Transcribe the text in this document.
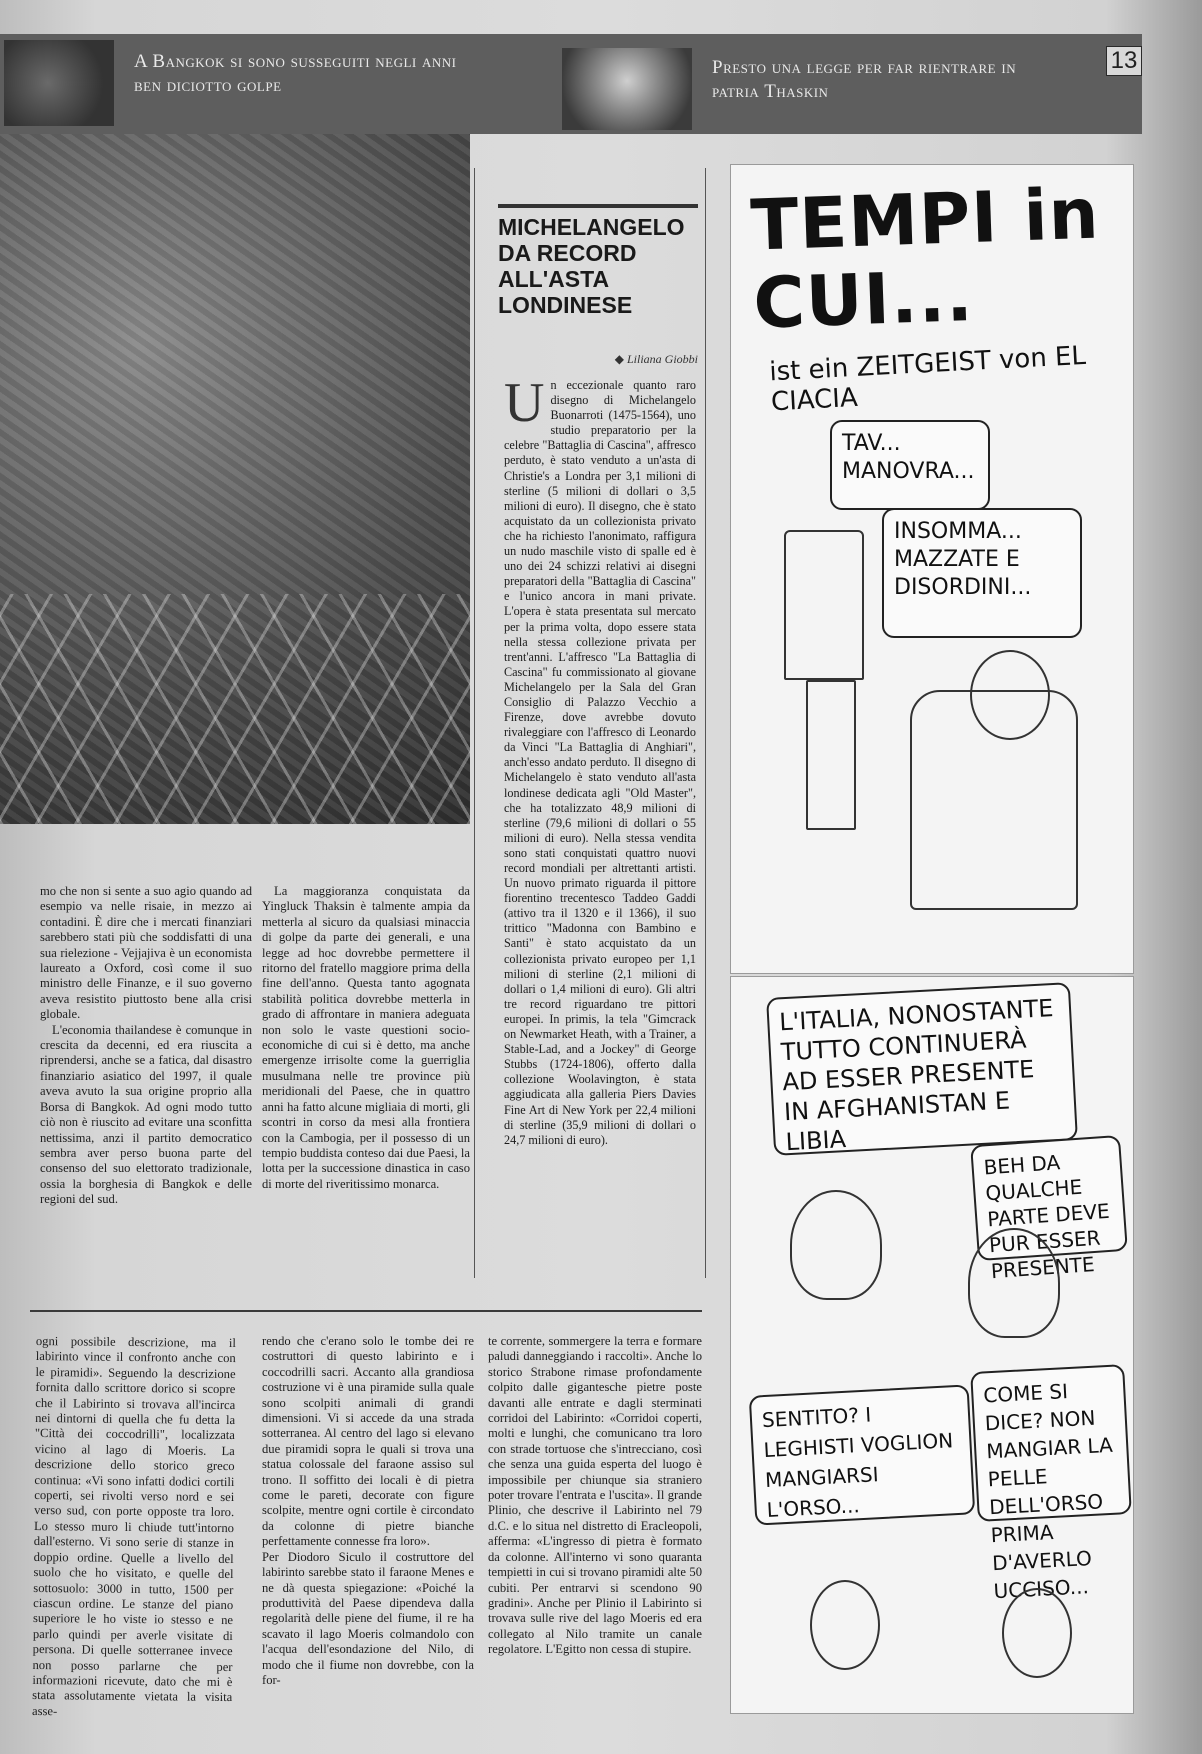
A Bangkok si sono susseguiti negli anni ben diciotto golpe
Presto una legge per far rientrare in patria Thaskin
13

mo che non si sente a suo agio quando ad esempio va nelle risaie, in mezzo ai contadini. È dire che i mercati finanziari sarebbero stati più che soddisfatti di una sua rielezione - Vejjajiva è un economista laureato a Oxford, così come il suo ministro delle Finanze, e il suo governo aveva resistito piuttosto bene alla crisi globale.

L'economia thailandese è comunque in crescita da decenni, ed era riuscita a riprendersi, anche se a fatica, dal disastro finanziario asiatico del 1997, il quale aveva avuto la sua origine proprio alla Borsa di Bangkok. Ad ogni modo tutto ciò non è riuscito ad evitare una sconfitta nettissima, anzi il partito democratico sembra aver perso buona parte del consenso del suo elettorato tradizionale, ossia la borghesia di Bangkok e delle regioni del sud.

La maggioranza conquistata da Yingluck Thaksin è talmente ampia da metterla al sicuro da qualsiasi minaccia di golpe da parte dei generali, e una legge ad hoc dovrebbe permettere il ritorno del fratello maggiore prima della fine dell'anno. Questa tanto agognata stabilità politica dovrebbe metterla in grado di affrontare in maniera adeguata non solo le vaste questioni socio-economiche di cui si è detto, ma anche emergenze irrisolte come la guerriglia musulmana nelle tre province più meridionali del Paese, che in quattro anni ha fatto alcune migliaia di morti, gli scontri in corso da mesi alla frontiera con la Cambogia, per il possesso di un tempio buddista conteso dai due Paesi, la lotta per la successione dinastica in caso di morte del riveritissimo monarca.

MICHELANGELO DA RECORD ALL'ASTA LONDINESE
◆ Liliana Giobbi
U n eccezionale quanto raro disegno di Michelangelo Buonarroti (1475-1564), uno studio preparatorio per la celebre "Battaglia di Cascina", affresco perduto, è stato venduto a un'asta di Christie's a Londra per 3,1 milioni di sterline (5 milioni di dollari o 3,5 milioni di euro). Il disegno, che è stato acquistato da un collezionista privato che ha richiesto l'anonimato, raffigura un nudo maschile visto di spalle ed è uno dei 24 schizzi relativi ai disegni preparatori della "Battaglia di Cascina" e l'unico ancora in mani private. L'opera è stata presentata sul mercato per la prima volta, dopo essere stata nella stessa collezione privata per trent'anni. L'affresco "La Battaglia di Cascina" fu commissionato al giovane Michelangelo per la Sala del Gran Consiglio di Palazzo Vecchio a Firenze, dove avrebbe dovuto rivaleggiare con l'affresco di Leonardo da Vinci "La Battaglia di Anghiari", anch'esso andato perduto. Il disegno di Michelangelo è stato venduto all'asta londinese dedicata agli "Old Master", che ha totalizzato 48,9 milioni di sterline (79,6 milioni di dollari o 55 milioni di euro). Nella stessa vendita sono stati conquistati quattro nuovi record mondiali per altrettanti artisti. Un nuovo primato riguarda il pittore fiorentino trecentesco Taddeo Gaddi (attivo tra il 1320 e il 1366), il suo trittico "Madonna con Bambino e Santi" è stato acquistato da un collezionista privato europeo per 1,1 milioni di sterline (2,1 milioni di dollari o 1,4 milioni di euro). Gli altri tre record riguardano tre pittori europei. In primis, la tela "Gimcrack on Newmarket Heath, with a Trainer, a Stable-Lad, and a Jockey" di George Stubbs (1724-1806), offerto dalla collezione Woolavington, è stata aggiudicata alla galleria Piers Davies Fine Art di New York per 22,4 milioni di sterline (35,9 milioni di dollari o 24,7 milioni di euro).
ogni possibile descrizione, ma il labirinto vince il confronto anche con le piramidi». Seguendo la descrizione fornita dallo scrittore dorico si scopre che il Labirinto si trovava all'incirca nei dintorni di quella che fu detta la "Città dei coccodrilli", localizzata vicino al lago di Moeris. La descrizione dello storico greco continua: «Vi sono infatti dodici cortili coperti, sei rivolti verso nord e sei verso sud, con porte opposte tra loro. Lo stesso muro li chiude tutt'intorno dall'esterno. Vi sono serie di stanze in doppio ordine. Quelle a livello del suolo che ho visitato, e quelle del sottosuolo: 3000 in tutto, 1500 per ciascun ordine. Le stanze del piano superiore le ho viste io stesso e ne parlo quindi per averle visitate di persona. Di quelle sotterranee invece non posso parlarne che per informazioni ricevute, dato che mi è stata assolutamente vietata la visita asse-
rendo che c'erano solo le tombe dei re costruttori di questo labirinto e i coccodrilli sacri. Accanto alla grandiosa costruzione vi è una piramide sulla quale sono scolpiti animali di grandi dimensioni. Vi si accede da una strada sotterranea. Al centro del lago si elevano due piramidi sopra le quali si trova una statua colossale del faraone assiso sul trono. Il soffitto dei locali è di pietra come le pareti, decorate con figure scolpite, mentre ogni cortile è circondato da colonne di pietre bianche perfettamente connesse fra loro».
Per Diodoro Siculo il costruttore del labirinto sarebbe stato il faraone Menes e ne dà questa spiegazione: «Poiché la produttività del Paese dipendeva dalla regolarità delle piene del fiume, il re ha scavato il lago Moeris colmandolo con l'acqua dell'esondazione del Nilo, di modo che il fiume non dovrebbe, con la for-
te corrente, sommergere la terra e formare paludi danneggiando i raccolti». Anche lo storico Strabone rimase profondamente colpito dalle gigantesche pietre poste davanti alle entrate e dagli sterminati corridoi del Labirinto: «Corridoi coperti, molti e lunghi, che comunicano tra loro con strade tortuose che s'intrecciano, così che senza una guida esperta del luogo è impossibile per chiunque sia straniero poter trovare l'entrata e l'uscita». Il grande Plinio, che descrive il Labirinto nel 79 d.C. e lo situa nel distretto di Eracleopoli, afferma: «L'ingresso di pietra è formato da colonne. All'interno vi sono quaranta tempietti in cui si trovano piramidi alte 50 cubiti. Per entrarvi si scendono 90 gradini». Anche per Plinio il Labirinto si trovava sulle rive del lago Moeris ed era collegato al Nilo tramite un canale regolatore. L'Egitto non cessa di stupire.
TEMPI in CUI...
ist ein ZEITGEIST von EL CIACIA
TAV... MANOVRA...
INSOMMA... MAZZATE E DISORDINI...
L'ITALIA, NONOSTANTE TUTTO CONTINUERÀ AD ESSER PRESENTE IN AFGHANISTAN E LIBIA
BEH DA QUALCHE PARTE DEVE PUR ESSER PRESENTE
SENTITO? I LEGHISTI VOGLION MANGIARSI L'ORSO...
COME SI DICE? NON MANGIAR LA PELLE DELL'ORSO PRIMA D'AVERLO UCCISO...
